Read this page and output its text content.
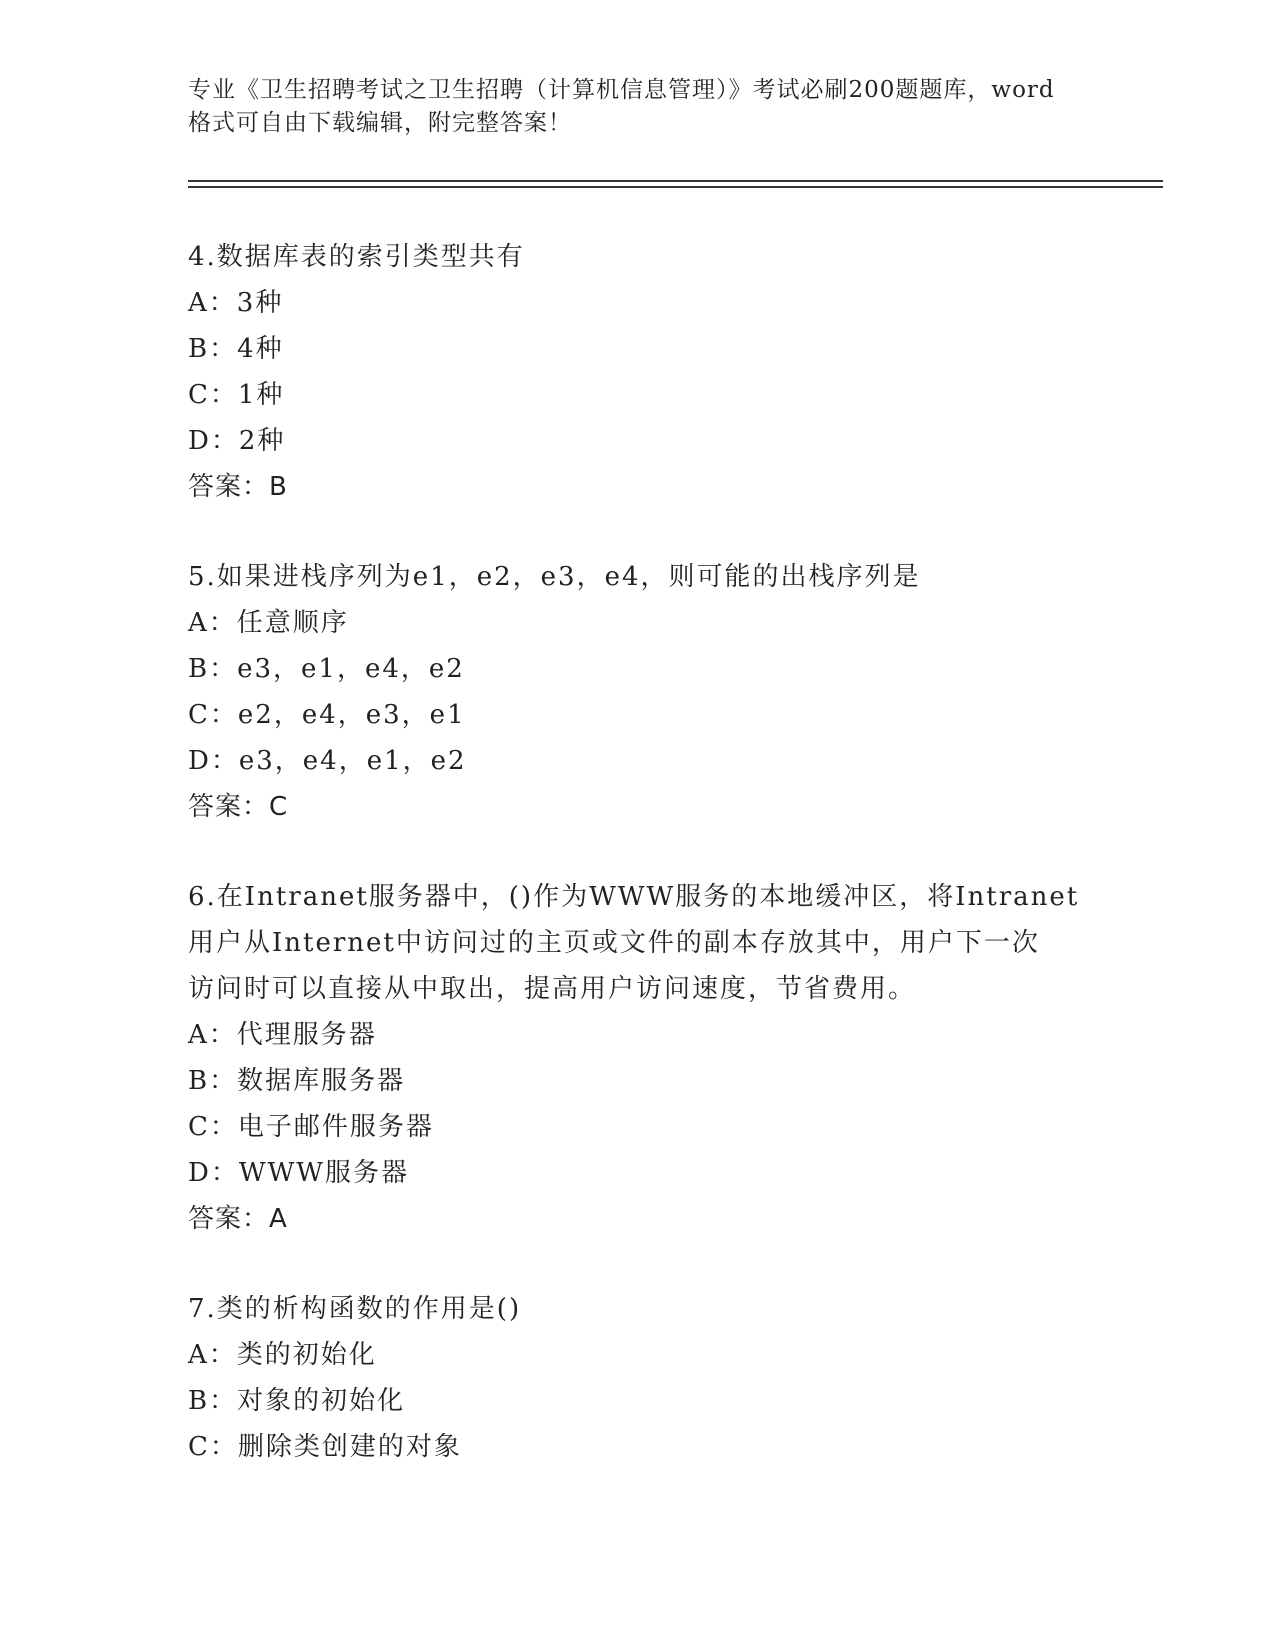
专业《卫生招聘考试之卫生招聘（计算机信息管理）》考试必刷200题题库，word
格式可自由下载编辑，附完整答案！
4.数据库表的索引类型共有
A：3种
B：4种
C：1种
D：2种
答案：B
5.如果进栈序列为e1，e2，e3，e4，则可能的出栈序列是
A：任意顺序
B：e3，e1，e4，e2
C：e2，e4，e3，e1
D：e3，e4，e1，e2
答案：C
6.在Intranet服务器中，()作为WWW服务的本地缓冲区，将Intranet
用户从Internet中访问过的主页或文件的副本存放其中，用户下一次
访问时可以直接从中取出，提高用户访问速度，节省费用。
A：代理服务器
B：数据库服务器
C：电子邮件服务器
D：WWW服务器
答案：A
7.类的析构函数的作用是()
A：类的初始化
B：对象的初始化
C：删除类创建的对象
